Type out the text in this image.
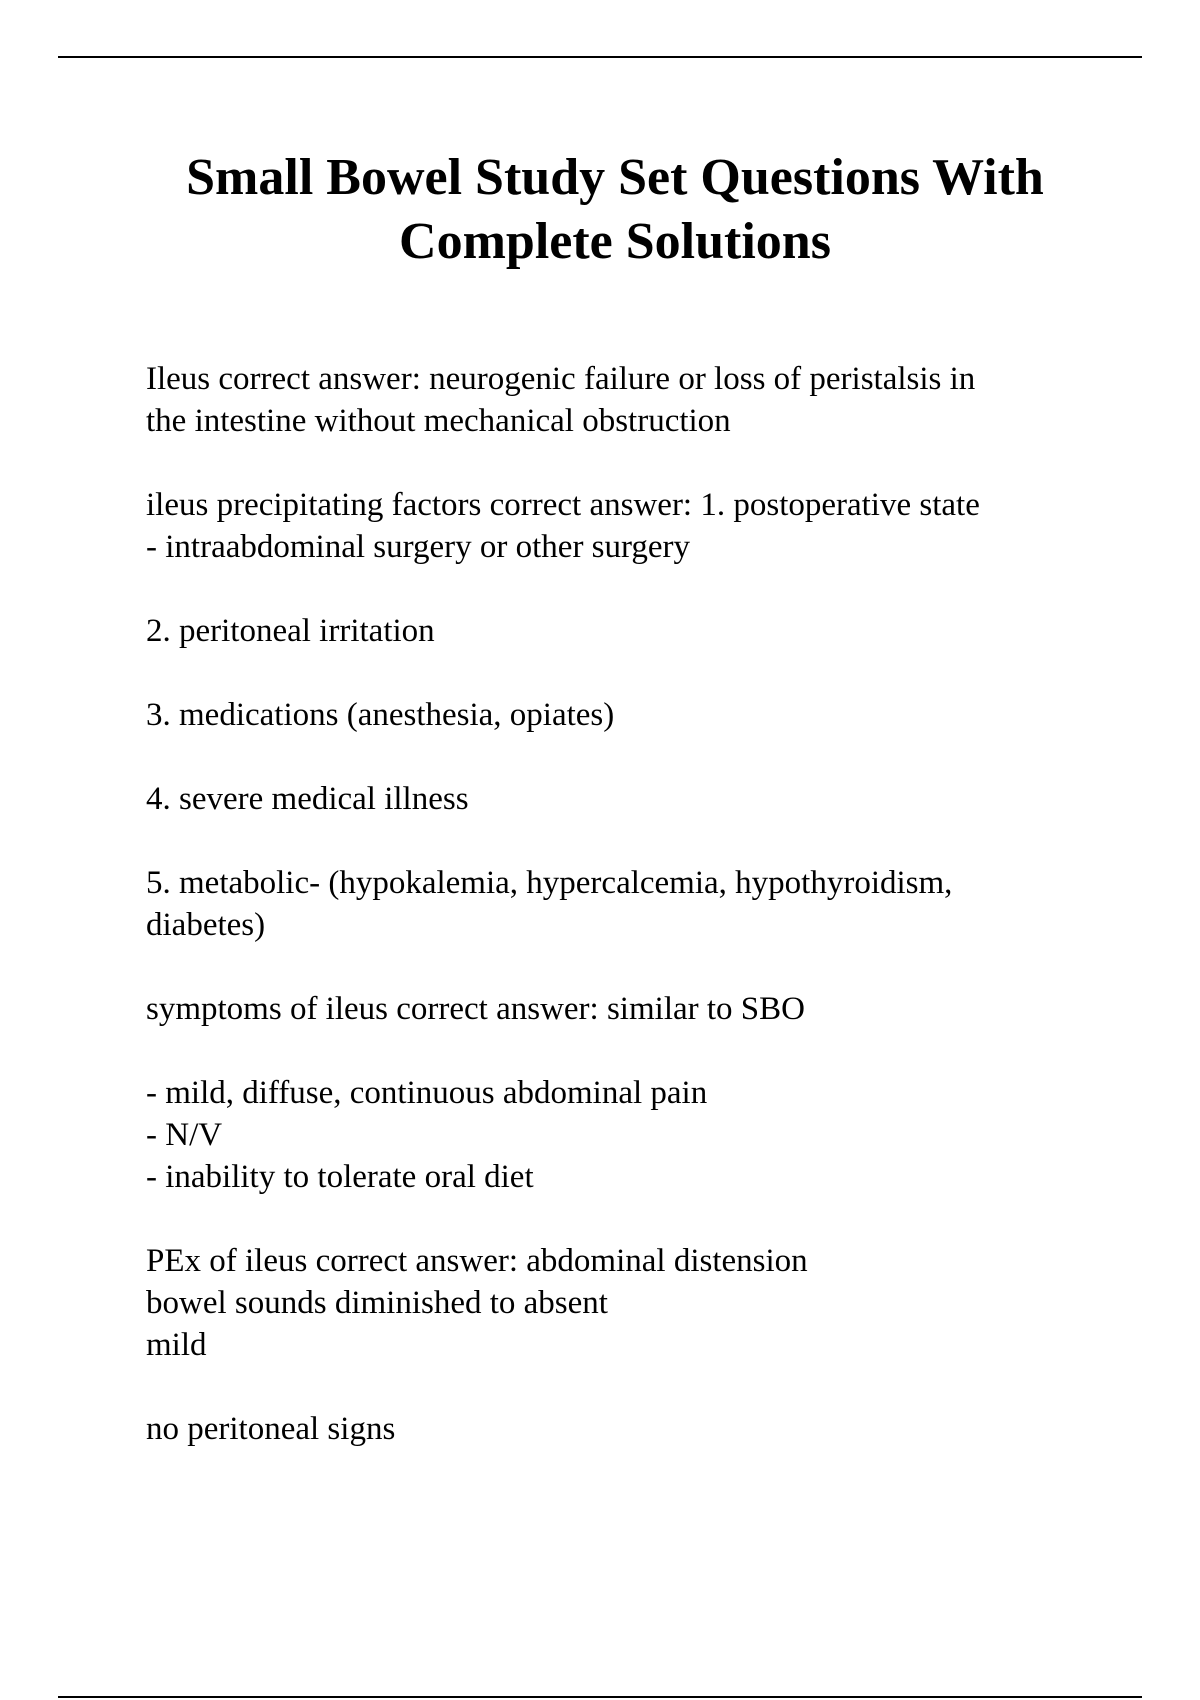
Small Bowel Study Set Questions With
Complete Solutions

Ileus correct answer: neurogenic failure or loss of peristalsis in
the intestine without mechanical obstruction

ileus precipitating factors correct answer: 1. postoperative state
- intraabdominal surgery or other surgery

2. peritoneal irritation

3. medications (anesthesia, opiates)

4. severe medical illness

5. metabolic- (hypokalemia, hypercalcemia, hypothyroidism,
diabetes)

symptoms of ileus correct answer: similar to SBO

- mild, diffuse, continuous abdominal pain
- N/V
- inability to tolerate oral diet

PEx of ileus correct answer: abdominal distension
bowel sounds diminished to absent
mild

no peritoneal signs
